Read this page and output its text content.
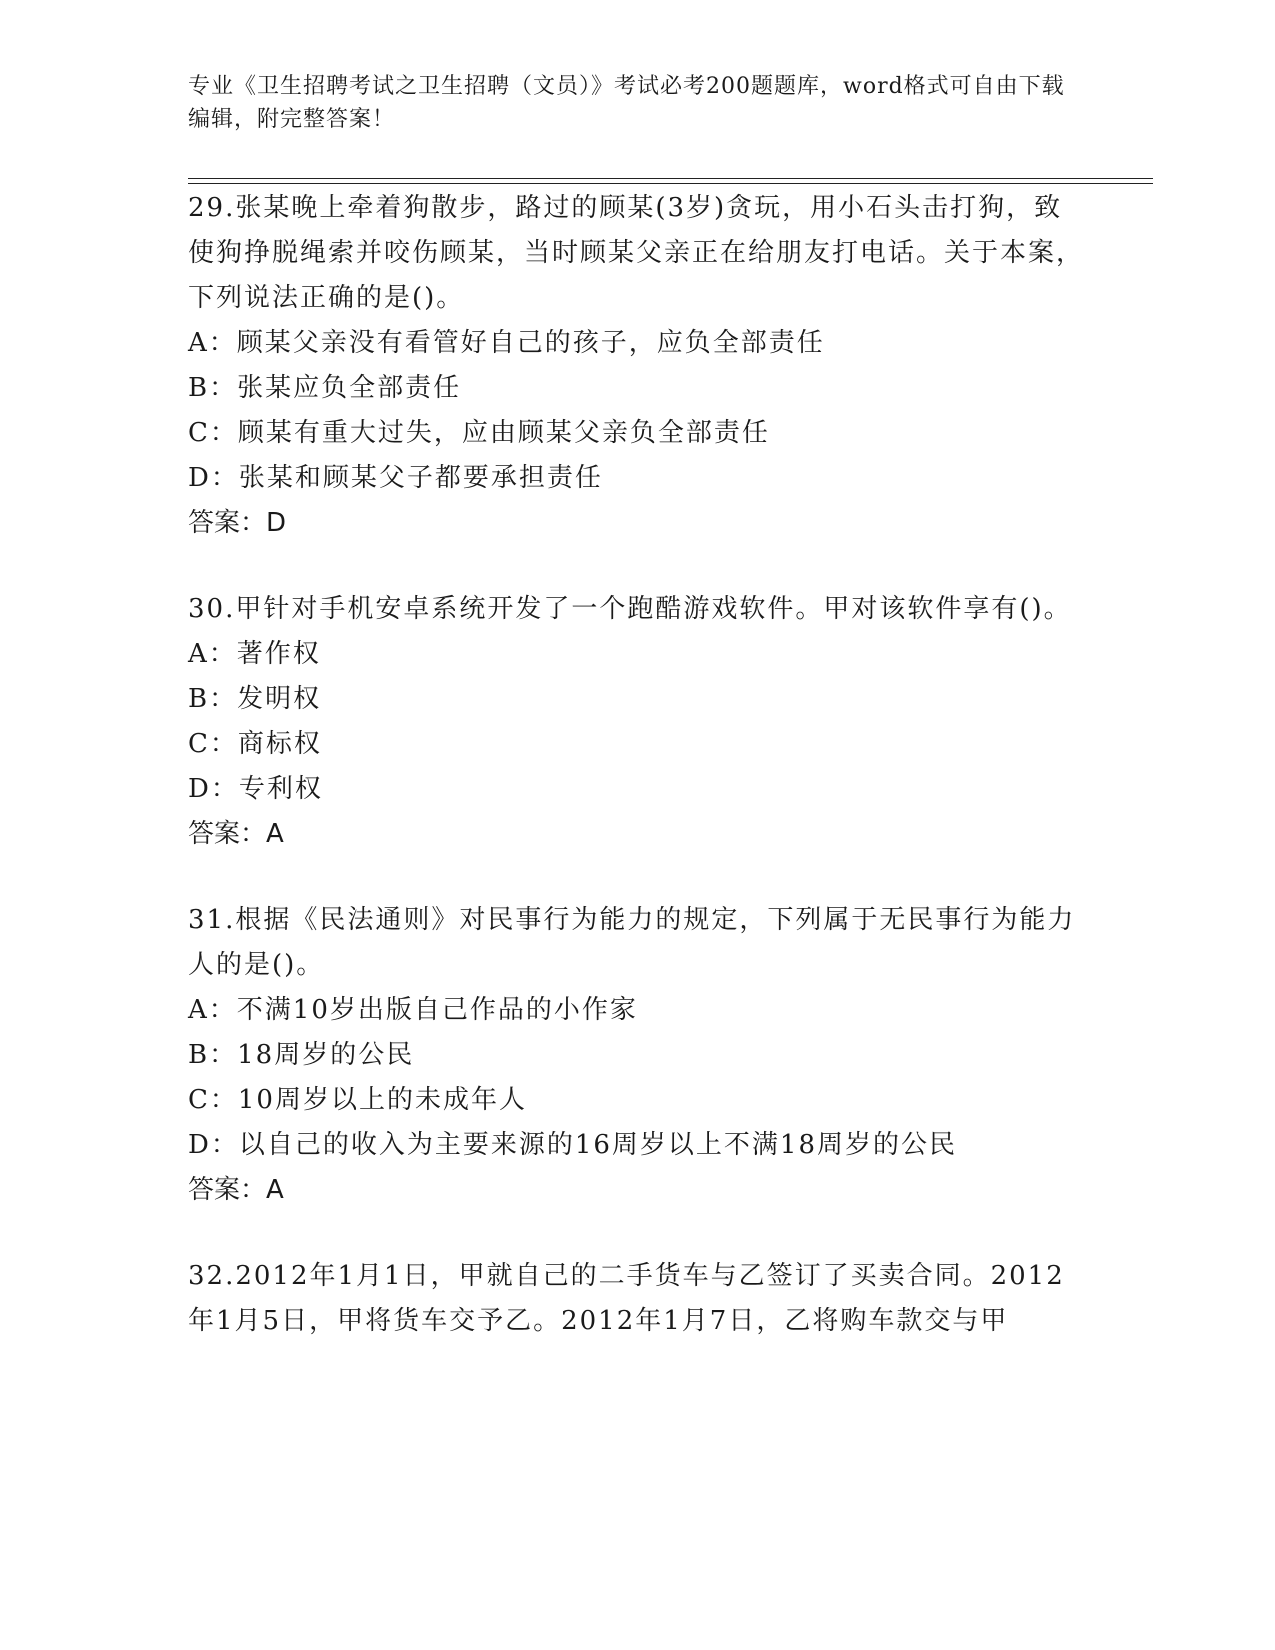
专业《卫生招聘考试之卫生招聘（文员）》考试必考200题题库，word格式可自由下载编辑，附完整答案！

29.张某晚上牵着狗散步，路过的顾某(3岁)贪玩，用小石头击打狗，致使狗挣脱绳索并咬伤顾某，当时顾某父亲正在给朋友打电话。关于本案，下列说法正确的是()。

A：顾某父亲没有看管好自己的孩子，应负全部责任

B：张某应负全部责任

C：顾某有重大过失，应由顾某父亲负全部责任

D：张某和顾某父子都要承担责任

答案：D

30.甲针对手机安卓系统开发了一个跑酷游戏软件。甲对该软件享有()。

A：著作权

B：发明权

C：商标权

D：专利权

答案：A

31.根据《民法通则》对民事行为能力的规定，下列属于无民事行为能力人的是()。

A：不满10岁出版自己作品的小作家

B：18周岁的公民

C：10周岁以上的未成年人

D：以自己的收入为主要来源的16周岁以上不满18周岁的公民

答案：A

32.2012年1月1日，甲就自己的二手货车与乙签订了买卖合同。2012年1月5日，甲将货车交予乙。2012年1月7日，乙将购车款交与甲
